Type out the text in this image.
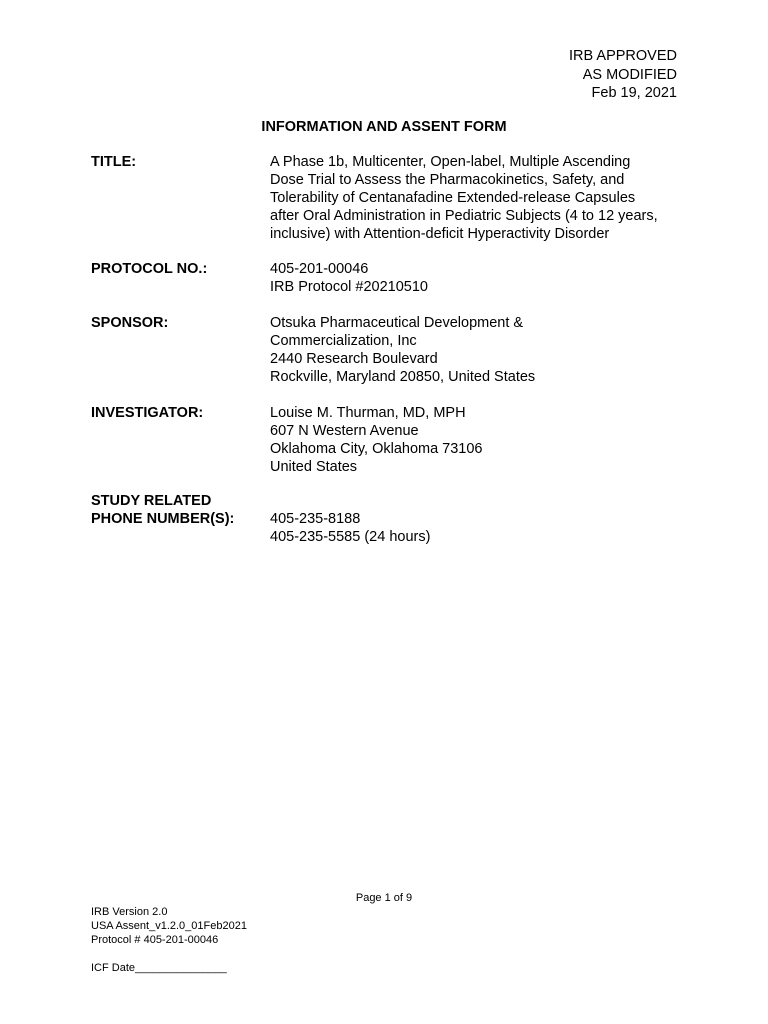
IRB APPROVED
AS MODIFIED
Feb 19, 2021
INFORMATION AND ASSENT FORM
TITLE:	A Phase 1b, Multicenter, Open-label, Multiple Ascending
Dose Trial to Assess the Pharmacokinetics, Safety, and
Tolerability of Centanafadine Extended-release Capsules
after Oral Administration in Pediatric Subjects (4 to 12 years,
inclusive) with Attention-deficit Hyperactivity Disorder
PROTOCOL NO.:	405-201-00046
IRB Protocol #20210510
SPONSOR:	Otsuka Pharmaceutical Development &
Commercialization, Inc
2440 Research Boulevard
Rockville, Maryland 20850, United States
INVESTIGATOR:	Louise M. Thurman, MD, MPH
607 N Western Avenue
Oklahoma City, Oklahoma 73106
United States
STUDY RELATED
PHONE NUMBER(S):	405-235-8188
405-235-5585 (24 hours)
Page 1 of 9
IRB Version 2.0
USA Assent_v1.2.0_01Feb2021
Protocol # 405-201-00046
ICF Date_______________
